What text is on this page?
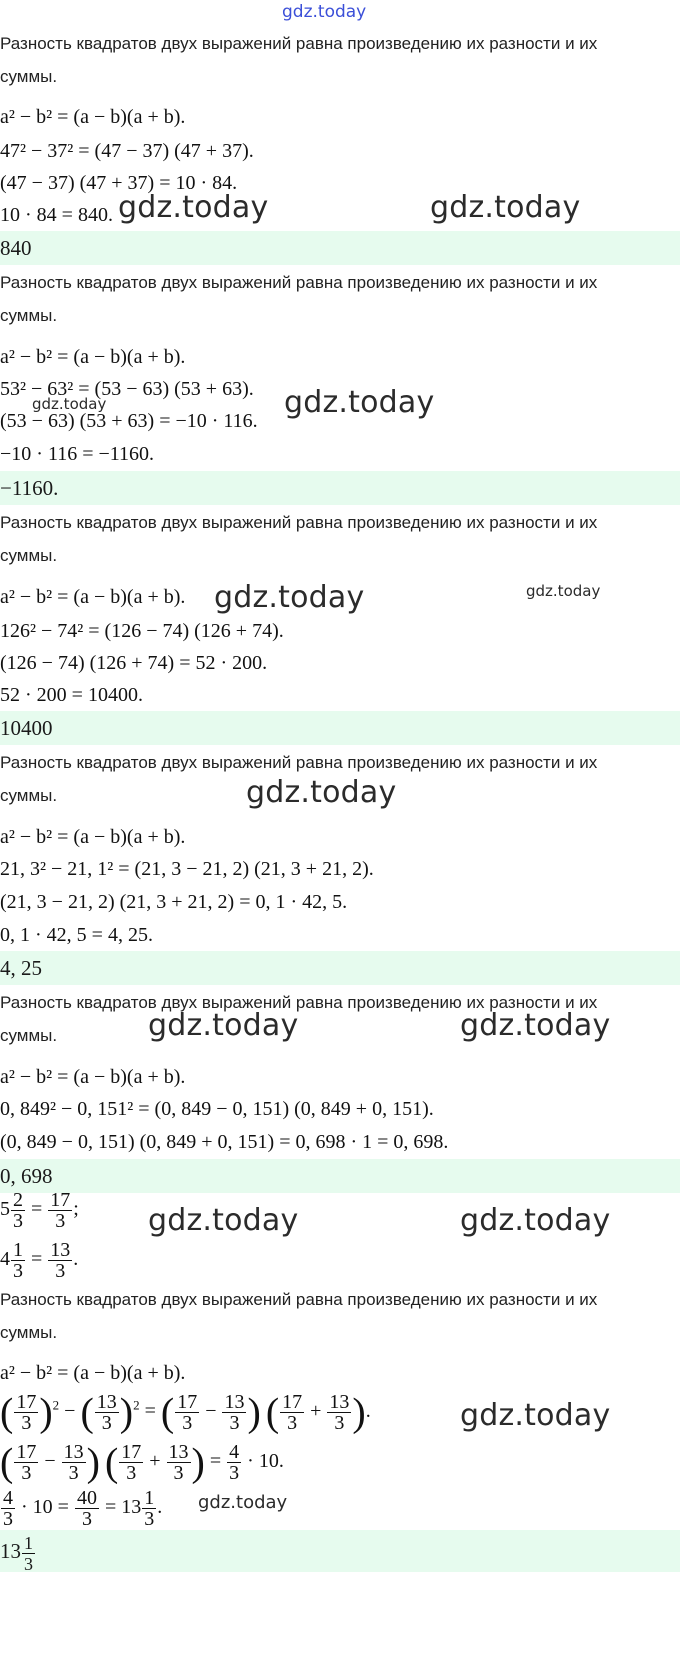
gdz.today
Разность квадратов двух выражений равна произведению их разности и их
суммы.
a² − b² = (a − b)(a + b).
47² − 37² = (47 − 37) (47 + 37).
(47 − 37) (47 + 37) = 10 · 84.
10 · 84 = 840. gdz.today	gdz.today
840
Разность квадратов двух выражений равна произведению их разности и их
суммы.
a² − b² = (a − b)(a + b).
53² − 63² = (53 − 63) (53 + 63).
(53 − 63) (53 + 63) = −10 · 116.
−10 · 116 = −1160.
gdz.today	gdz.today
−1160.
Разность квадратов двух выражений равна произведению их разности и их
суммы.
a² − b² = (a − b)(a + b). gdz.today	gdz.today
126² − 74² = (126 − 74) (126 + 74).
(126 − 74) (126 + 74) = 52 · 200.
52 · 200 = 10400.
10400
Разность квадратов двух выражений равна произведению их разности и их
суммы.	gdz.today
a² − b² = (a − b)(a + b).
21, 3² − 21, 1² = (21, 3 − 21, 2) (21, 3 + 21, 2).
(21, 3 − 21, 2) (21, 3 + 21, 2) = 0, 1 · 42, 5.
0, 1 · 42, 5 = 4, 25.
4, 25
Разность квадратов двух выражений равна произведению их разности и их
суммы.	gdz.today	gdz.today
a² − b² = (a − b)(a + b).
0, 849² − 0, 151² = (0, 849 − 0, 151) (0, 849 + 0, 151).
(0, 849 − 0, 151) (0, 849 + 0, 151) = 0, 698 · 1 = 0, 698.
0, 698
$5 \frac{2}{3} = \frac{17}{3}$ ; gdz.today	gdz.today
$4 \frac{1}{3} = \frac{13}{3}$ .
Разность квадратов двух выражений равна произведению их разности и их
суммы.
a² − b² = (a − b)(a + b).
( $\frac{17}{3} )^2$ − ( $\frac{13}{3} )^2$ = ( $\frac{17}{3} - \frac{13}{3}$ ) ( $\frac{17}{3} + \frac{13}{3}$ ).	gdz.today
( $\frac{17}{3} - \frac{13}{3}$ ) ( $\frac{17}{3} + \frac{13}{3}$ ) = $\frac{4}{3} \cdot 10$.
$\frac{4}{3} \cdot 10 = \frac{40}{3} = 13 \frac{1}{3}$ . gdz.today
$13 \frac{1}{3}$
